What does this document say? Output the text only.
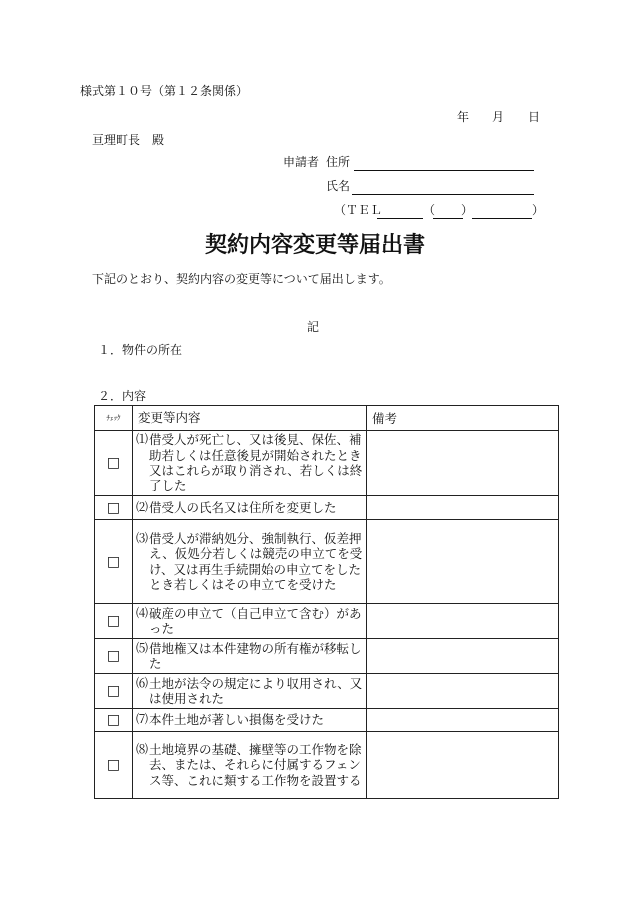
様式第１０号（第１２条関係）
年 月 日
亘理町長　殿
申請者 住所
氏名
（ＴＥＬ	（ ）	）
契約内容変更等届出書
下記のとおり、契約内容の変更等について届出します。
記
１．物件の所在
２．内容
ﾁｪｯｸ	変更等内容	備考
□	⑴ 借受人が死亡し、又は後見、保佐、補助若しくは任意後見が開始されたとき又はこれらが取り消され、若しくは終了した	

□	⑵ 借受人の氏名又は住所を変更した	

□	⑶ 借受人が滞納処分、強制執行、仮差押え、仮処分若しくは競売の申立てを受け、又は再生手続開始の申立てをしたとき若しくはその申立てを受けた	

□	⑷ 破産の申立て（自己申立て含む）があった	

□	⑸ 借地権又は本件建物の所有権が移転した	

□	⑹ 土地が法令の規定により収用され、又は使用された	

□	⑺ 本件土地が著しい損傷を受けた	

□	⑻ 土地境界の基礎、擁壁等の工作物を除去、または、それらに付属するフェンス等、これに類する工作物を設置する	
